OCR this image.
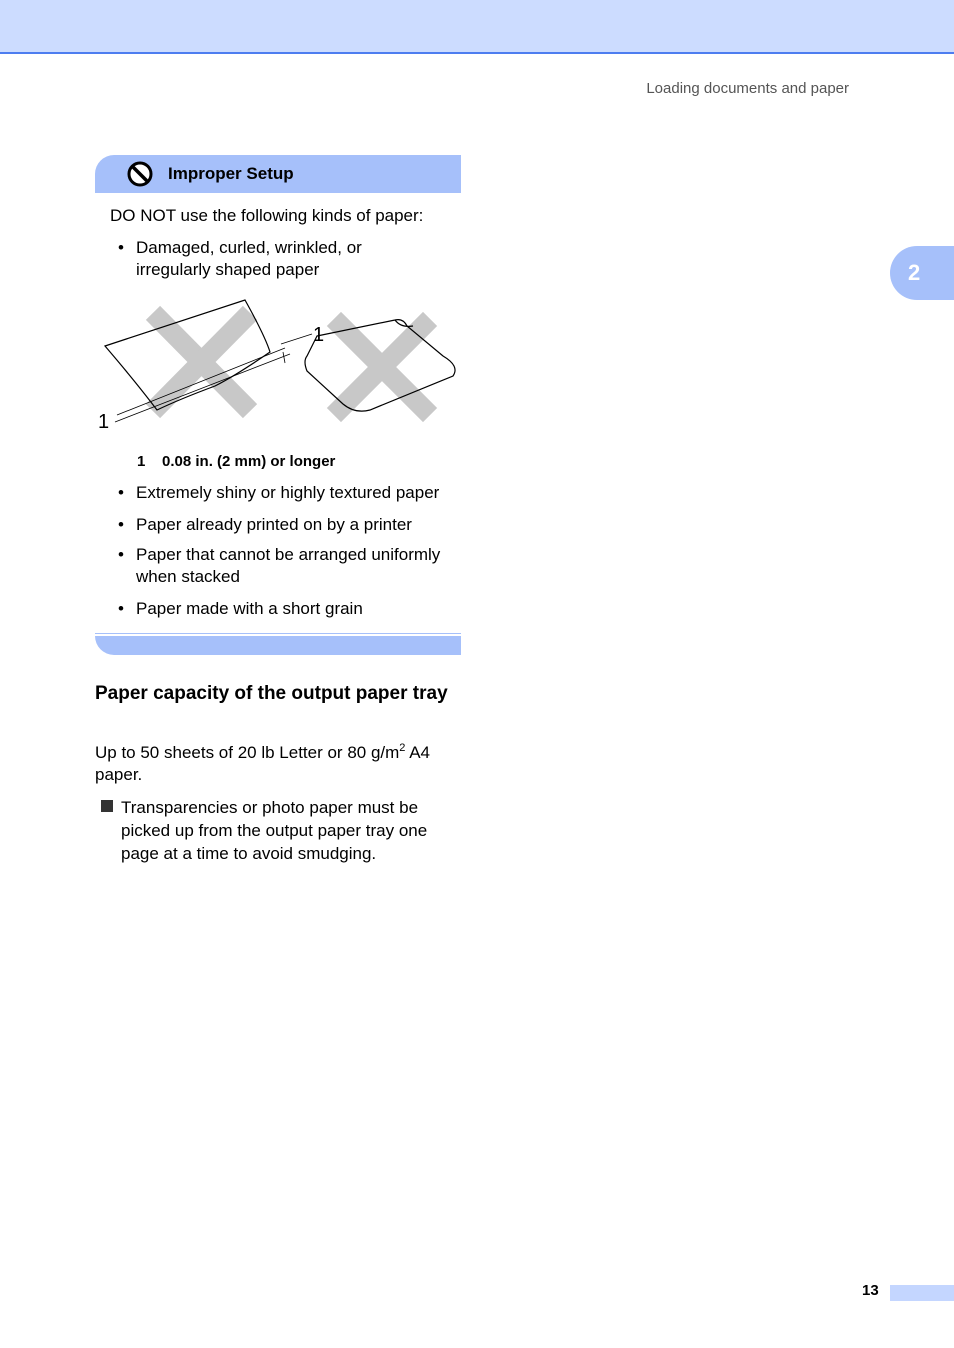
Loading documents and paper
2
Improper Setup
DO NOT use the following kinds of paper:
• Damaged, curled, wrinkled, or
irregularly shaped paper
1
1
1 0.08 in. (2 mm) or longer
• Extremely shiny or highly textured paper
• Paper already printed on by a printer
• Paper that cannot be arranged uniformly
when stacked
• Paper made with a short grain
Paper capacity of the output paper tray
Up to 50 sheets of 20 lb Letter or 80 $g/m^2$ A4 paper.
Transparencies or photo paper must be picked up from the output paper tray one page at a time to avoid smudging.
13
